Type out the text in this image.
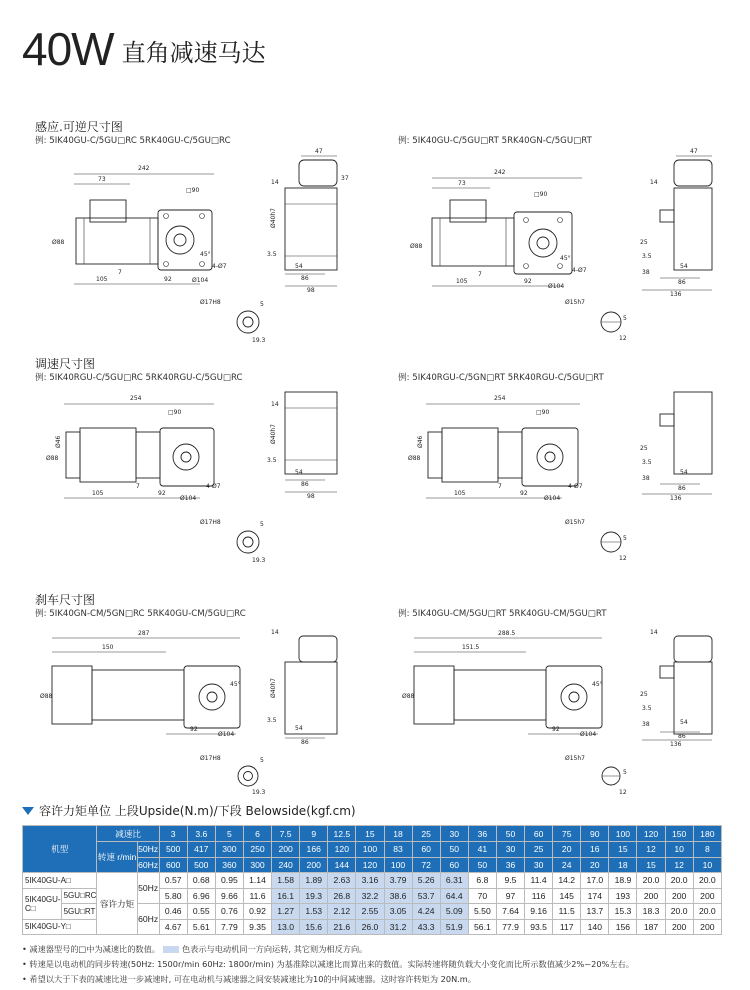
40W 直角减速马达
感应.可逆尺寸图
例: 5IK40GU-C/5GU□RC 5RK40GU-C/5GU□RC	例: 5IK40GU-C/5GU□RT 5RK40GN-C/5GU□RT
242
73
Ø88
□90
105
7
92	Ø104
4-Ø7
45°
47
37
14
3.5
54
86
98
Ø40h7
Ø17H8	5
19.3
242
73
Ø88
□90
105
7
92
Ø104
4-Ø7
45°
47
14
25
3.5
38
54
86
136
Ø15h7
5
12
调速尺寸图
例: 5IK40RGU-C/5GU□RC 5RK40RGU-C/5GU□RC	例: 5IK40RGU-C/5GN□RT 5RK40RGU-C/5GU□RT
254
□90
Ø88
Ø46
105
7
92
Ø104
4-Ø7
14
3.5
54
86
98
Ø40h7
Ø17H8	5
19.3
254
□90
Ø88
Ø46
105
7
92
Ø104
4-Ø7
25
3.5
38
54
86
136
Ø15h7
5
12
刹车尺寸图
例: 5IK40GN-CM/5GN□RC 5RK40GU-CM/5GU□RC	例: 5IK40GU-CM/5GU□RT 5RK40GU-CM/5GU□RT
287
150
Ø88
92
Ø104
45°
14
3.5
54
86
Ø40h7
Ø17H8	5
19.3
288.5
151.5
Ø88
92
Ø104
45°
14
25
3.5
38	54
86
136
Ø15h7
5
12
容许力矩单位 上段Upside(N.m)/下段 Belowside(kgf.cm)
机型		减速比		3	3.6	5	6	7.5	9	12.5	15	18	25	30	36	50	60	75	90	100	120	150	180
		转速 r/min	50Hz	500	417	300	250	200	166	120	100	83	60	50	41	30	25	20	16	15	12	10	8
			60Hz	600	500	360	300	240	200	144	120	100	72	60	50	36	30	24	20	18	15	12	10
5IK40GU-A□		容许力矩	50Hz	0.57	0.68	0.95	1.14	1.58	1.89	2.63	3.16	3.79	5.26	6.31	6.8	9.5	11.4	14.2	17.0	18.9	20.0	20.0	20.0
5IK40GU-C□	5GU□RC			5.80	6.96	9.66	11.6	16.1	19.3	26.8	32.2	38.6	53.7	64.4	70	97	116	145	174	193	200	200	200
	5GU□RT		60Hz	0.46	0.55	0.76	0.92	1.27	1.53	2.12	2.55	3.05	4.24	5.09	5.50	7.64	9.16	11.5	13.7	15.3	18.3	20.0	20.0
5IK40GU-Y□				4.67	5.61	7.79	9.35	13.0	15.6	21.6	26.0	31.2	43.3	51.9	56.1	77.9	93.5	117	140	156	187	200	200
• 减速器型号的□中为减速比的数值。	色表示与电动机同一方向运转, 其它则为相反方向。
• 转速是以电动机的同步转速(50Hz: 1500r/min 60Hz: 1800r/min) 为基准除以减速比而算出来的数值。实际转速将随负载大小变化而比所示数值减少2%~20%左右。
• 希望以大于下表的减速比进一步减速时, 可在电动机与减速器之间安装减速比为10的中间减速器。这时容许转矩为 20N.m。
